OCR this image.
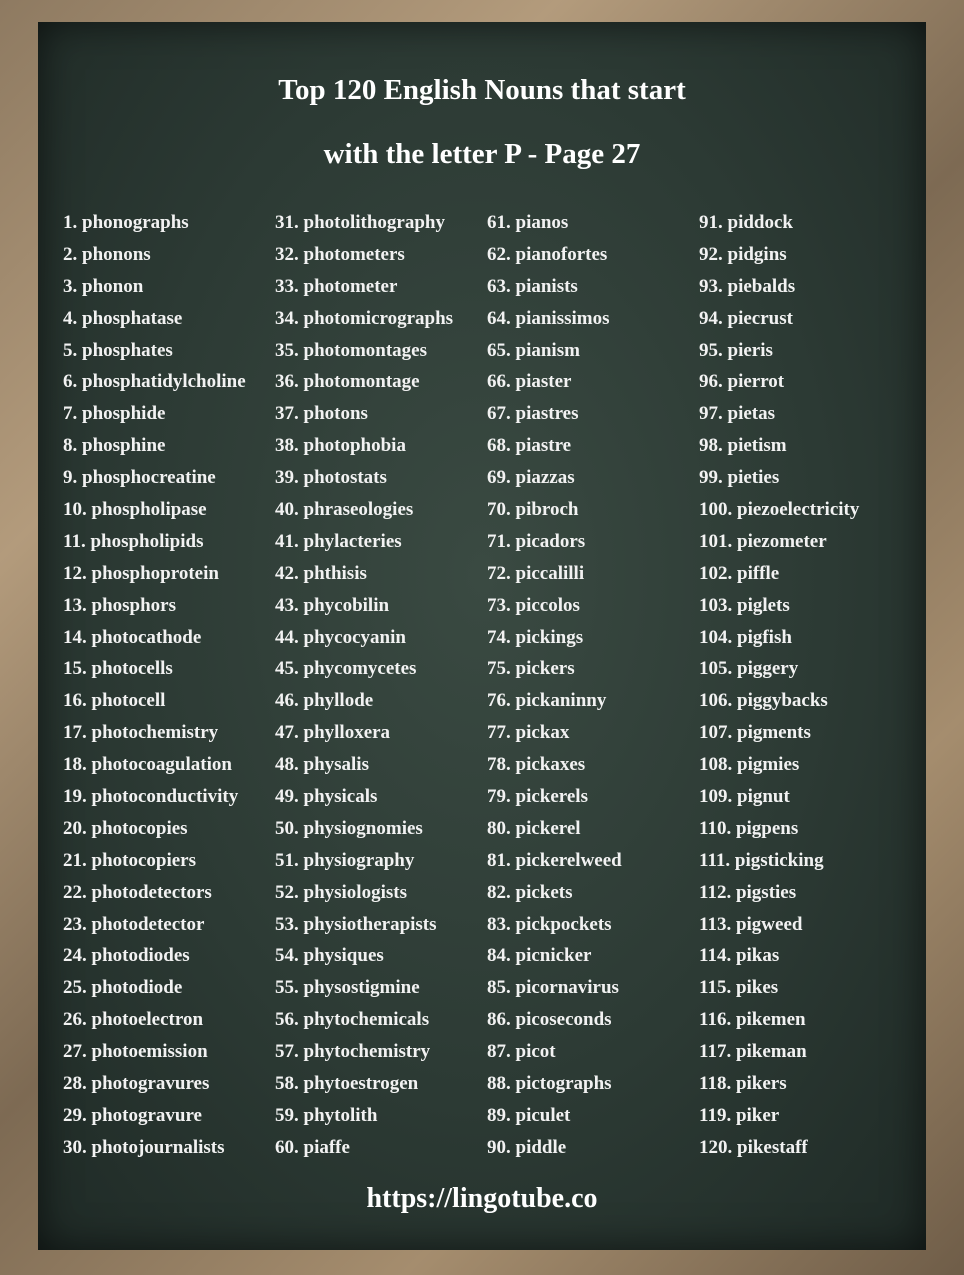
Top 120 English Nouns that start
with the letter P - Page 27
1. phonographs
2. phonons
3. phonon
4. phosphatase
5. phosphates
6. phosphatidylcholine
7. phosphide
8. phosphine
9. phosphocreatine
10. phospholipase
11. phospholipids
12. phosphoprotein
13. phosphors
14. photocathode
15. photocells
16. photocell
17. photochemistry
18. photocoagulation
19. photoconductivity
20. photocopies
21. photocopiers
22. photodetectors
23. photodetector
24. photodiodes
25. photodiode
26. photoelectron
27. photoemission
28. photogravures
29. photogravure
30. photojournalists
31. photolithography
32. photometers
33. photometer
34. photomicrographs
35. photomontages
36. photomontage
37. photons
38. photophobia
39. photostats
40. phraseologies
41. phylacteries
42. phthisis
43. phycobilin
44. phycocyanin
45. phycomycetes
46. phyllode
47. phylloxera
48. physalis
49. physicals
50. physiognomies
51. physiography
52. physiologists
53. physiotherapists
54. physiques
55. physostigmine
56. phytochemicals
57. phytochemistry
58. phytoestrogen
59. phytolith
60. piaffe
61. pianos
62. pianofortes
63. pianists
64. pianissimos
65. pianism
66. piaster
67. piastres
68. piastre
69. piazzas
70. pibroch
71. picadors
72. piccalilli
73. piccolos
74. pickings
75. pickers
76. pickaninny
77. pickax
78. pickaxes
79. pickerels
80. pickerel
81. pickerelweed
82. pickets
83. pickpockets
84. picnicker
85. picornavirus
86. picoseconds
87. picot
88. pictographs
89. piculet
90. piddle
91. piddock
92. pidgins
93. piebalds
94. piecrust
95. pieris
96. pierrot
97. pietas
98. pietism
99. pieties
100. piezoelectricity
101. piezometer
102. piffle
103. piglets
104. pigfish
105. piggery
106. piggybacks
107. pigments
108. pigmies
109. pignut
110. pigpens
111. pigsticking
112. pigsties
113. pigweed
114. pikas
115. pikes
116. pikemen
117. pikeman
118. pikers
119. piker
120. pikestaff
https://lingotube.co
